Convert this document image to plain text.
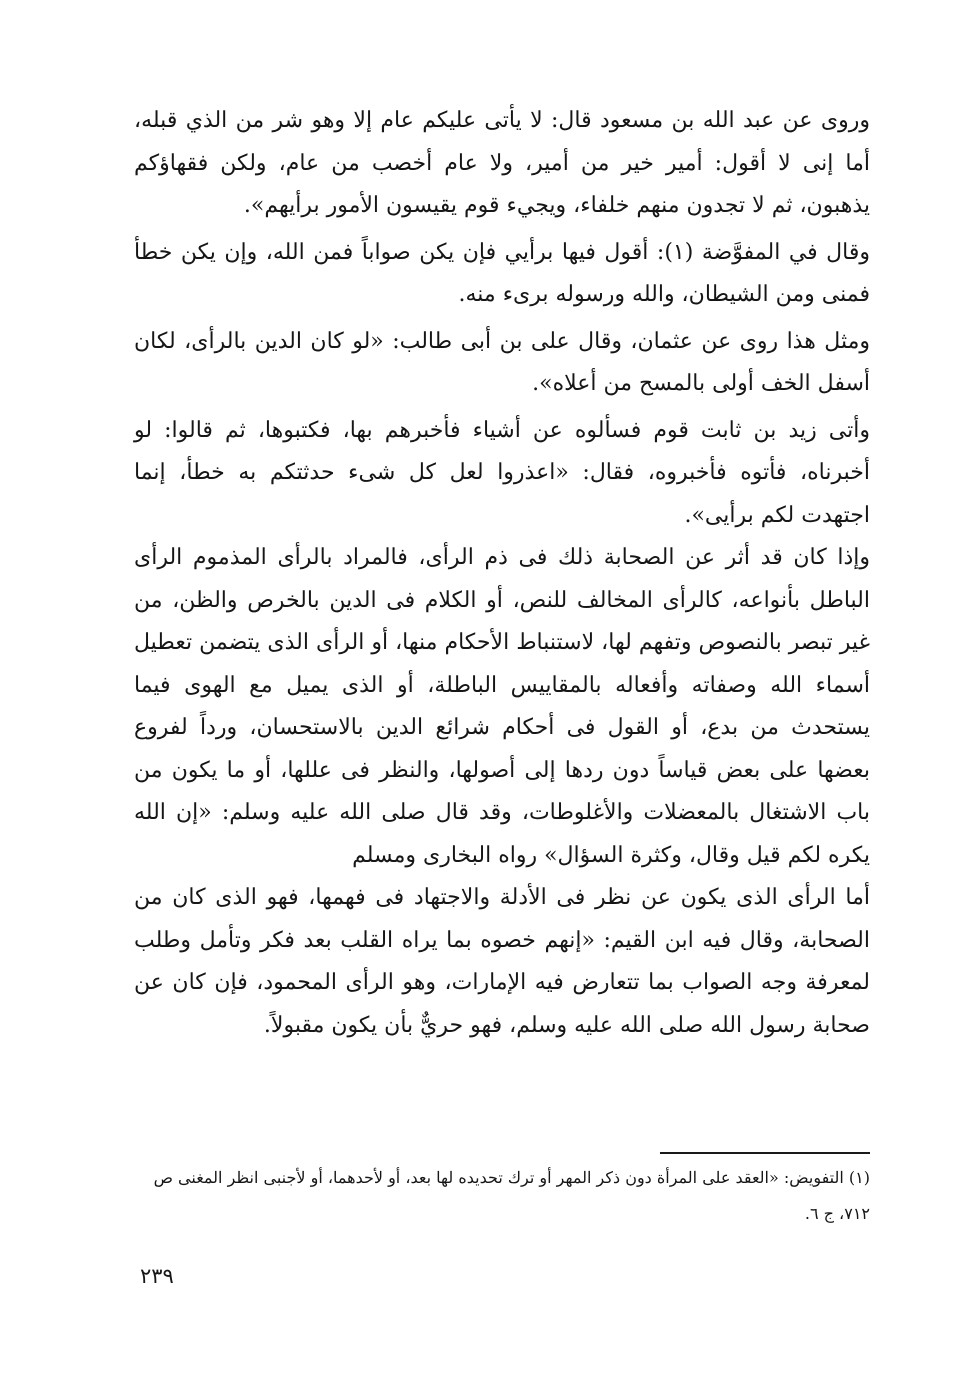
وروى عن عبد الله بن مسعود قال: لا يأتى عليكم عام إلا وهو شر من الذي قبله، أما إنى لا أقول: أمير خير من أمير، ولا عام أخصب من عام، ولكن فقهاؤكم يذهبون، ثم لا تجدون منهم خلفاء، ويجيء قوم يقيسون الأمور برأيهم».

وقال في المفوَّضة (١): أقول فيها برأيي فإن يكن صواباً فمن الله، وإن يكن خطأ فمنى ومن الشيطان، والله ورسوله برىء منه.

ومثل هذا روى عن عثمان، وقال على بن أبى طالب: «لو كان الدين بالرأى، لكان أسفل الخف أولى بالمسح من أعلاه».

وأتى زيد بن ثابت قوم فسألوه عن أشياء فأخبرهم بها، فكتبوها، ثم قالوا: لو أخبرناه، فأتوه فأخبروه، فقال: «اعذروا لعل كل شىء حدثتكم به خطأ، إنما اجتهدت لكم برأيى».

وإذا كان قد أثر عن الصحابة ذلك فى ذم الرأى، فالمراد بالرأى المذموم الرأى الباطل بأنواعه، كالرأى المخالف للنص، أو الكلام فى الدين بالخرص والظن، من غير تبصر بالنصوص وتفهم لها، لاستنباط الأحكام منها، أو الرأى الذى يتضمن تعطيل أسماء الله وصفاته وأفعاله بالمقاييس الباطلة، أو الذى يميل مع الهوى فيما يستحدث من بدع، أو القول فى أحكام شرائع الدين بالاستحسان، ورداً لفروع بعضها على بعض قياساً دون ردها إلى أصولها، والنظر فى عللها، أو ما يكون من باب الاشتغال بالمعضلات والأغلوطات، وقد قال صلى الله عليه وسلم: «إن الله يكره لكم قيل وقال، وكثرة السؤال» رواه البخارى ومسلم

أما الرأى الذى يكون عن نظر فى الأدلة والاجتهاد فى فهمها، فهو الذى كان من الصحابة، وقال فيه ابن القيم: «إنهم خصوه بما يراه القلب بعد فكر وتأمل وطلب لمعرفة وجه الصواب بما تتعارض فيه الإمارات، وهو الرأى المحمود، فإن كان عن صحابة رسول الله صلى الله عليه وسلم، فهو حريٌّ بأن يكون مقبولاً.

(١) التفويض: «العقد على المرأة دون ذكر المهر أو ترك تحديده لها بعد، أو لأحدهما، أو لأجنبى انظر المغنى ص ٧١٢، ج ٦.

٢٣٩
